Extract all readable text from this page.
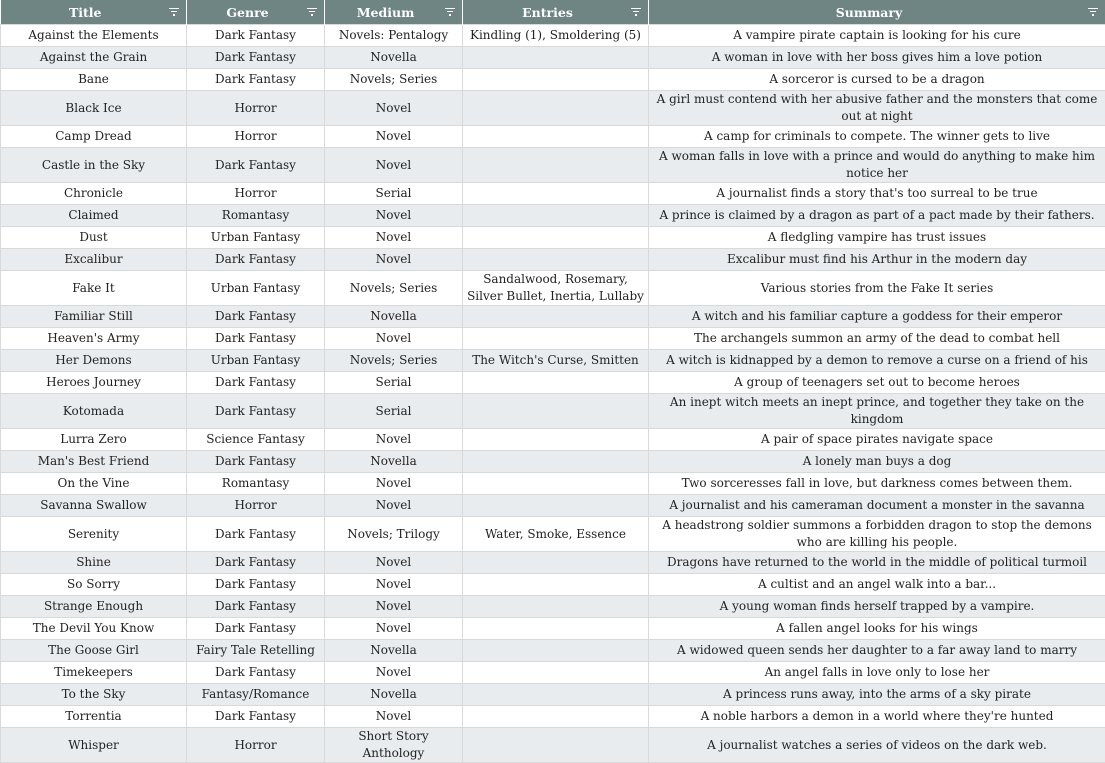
Title	Genre	Medium	Entries	Summary

Against the Elements	Dark Fantasy	Novels: Pentalogy	Kindling (1), Smoldering (5)	A vampire pirate captain is looking for his cure
Against the Grain	Dark Fantasy	Novella		A woman in love with her boss gives him a love potion
Bane	Dark Fantasy	Novels; Series		A sorceror is cursed to be a dragon
Black Ice	Horror	Novel		A girl must contend with her abusive father and the monsters that come out at night
Camp Dread	Horror	Novel		A camp for criminals to compete. The winner gets to live
Castle in the Sky	Dark Fantasy	Novel		A woman falls in love with a prince and would do anything to make him notice her
Chronicle	Horror	Serial		A journalist finds a story that's too surreal to be true
Claimed	Romantasy	Novel		A prince is claimed by a dragon as part of a pact made by their fathers.
Dust	Urban Fantasy	Novel		A fledgling vampire has trust issues
Excalibur	Dark Fantasy	Novel		Excalibur must find his Arthur in the modern day
Fake It	Urban Fantasy	Novels; Series	Sandalwood, Rosemary, Silver Bullet, Inertia, Lullaby	Various stories from the Fake It series
Familiar Still	Dark Fantasy	Novella		A witch and his familiar capture a goddess for their emperor
Heaven's Army	Dark Fantasy	Novel		The archangels summon an army of the dead to combat hell
Her Demons	Urban Fantasy	Novels; Series	The Witch's Curse, Smitten	A witch is kidnapped by a demon to remove a curse on a friend of his
Heroes Journey	Dark Fantasy	Serial		A group of teenagers set out to become heroes
Kotomada	Dark Fantasy	Serial		An inept witch meets an inept prince, and together they take on the kingdom
Lurra Zero	Science Fantasy	Novel		A pair of space pirates navigate space
Man's Best Friend	Dark Fantasy	Novella		A lonely man buys a dog
On the Vine	Romantasy	Novel		Two sorceresses fall in love, but darkness comes between them.
Savanna Swallow	Horror	Novel		A journalist and his cameraman document a monster in the savanna
Serenity	Dark Fantasy	Novels; Trilogy	Water, Smoke, Essence	A headstrong soldier summons a forbidden dragon to stop the demons who are killing his people.
Shine	Dark Fantasy	Novel		Dragons have returned to the world in the middle of political turmoil
So Sorry	Dark Fantasy	Novel		A cultist and an angel walk into a bar...
Strange Enough	Dark Fantasy	Novel		A young woman finds herself trapped by a vampire.
The Devil You Know	Dark Fantasy	Novel		A fallen angel looks for his wings
The Goose Girl	Fairy Tale Retelling	Novella		A widowed queen sends her daughter to a far away land to marry
Timekeepers	Dark Fantasy	Novel		An angel falls in love only to lose her
To the Sky	Fantasy/Romance	Novella		A princess runs away, into the arms of a sky pirate
Torrentia	Dark Fantasy	Novel		A noble harbors a demon in a world where they're hunted
Whisper	Horror	Short Story Anthology		A journalist watches a series of videos on the dark web.
